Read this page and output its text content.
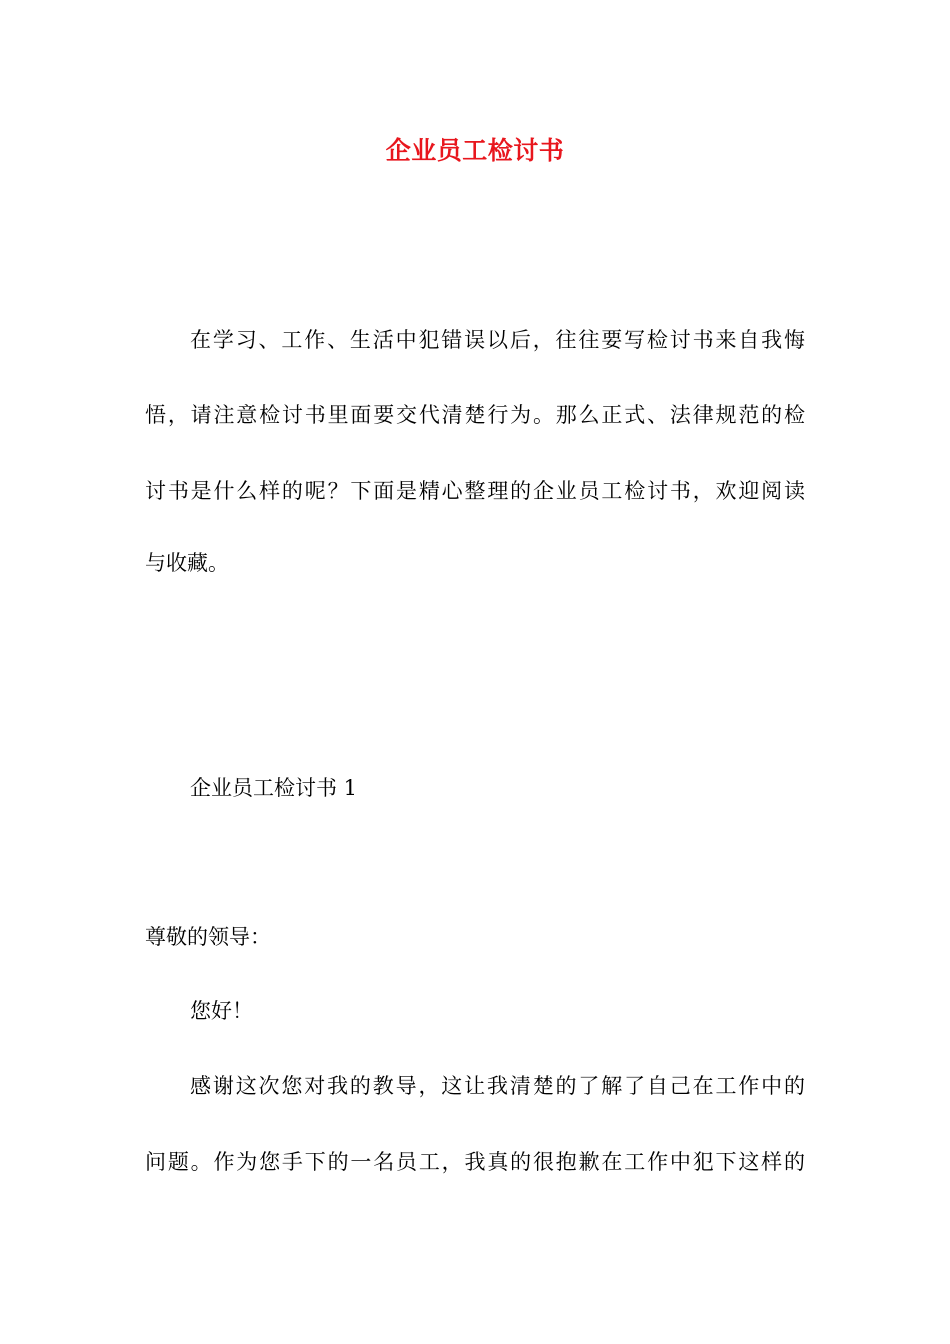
企业员工检讨书
在学习、工作、生活中犯错误以后，往往要写检讨书来自我悔
悟，请注意检讨书里面要交代清楚行为。那么正式、法律规范的检
讨书是什么样的呢？下面是精心整理的企业员工检讨书，欢迎阅读
与收藏。
企业员工检讨书 1
尊敬的领导：
您好！
感谢这次您对我的教导，这让我清楚的了解了自己在工作中的
问题。作为您手下的一名员工，我真的很抱歉在工作中犯下这样的
